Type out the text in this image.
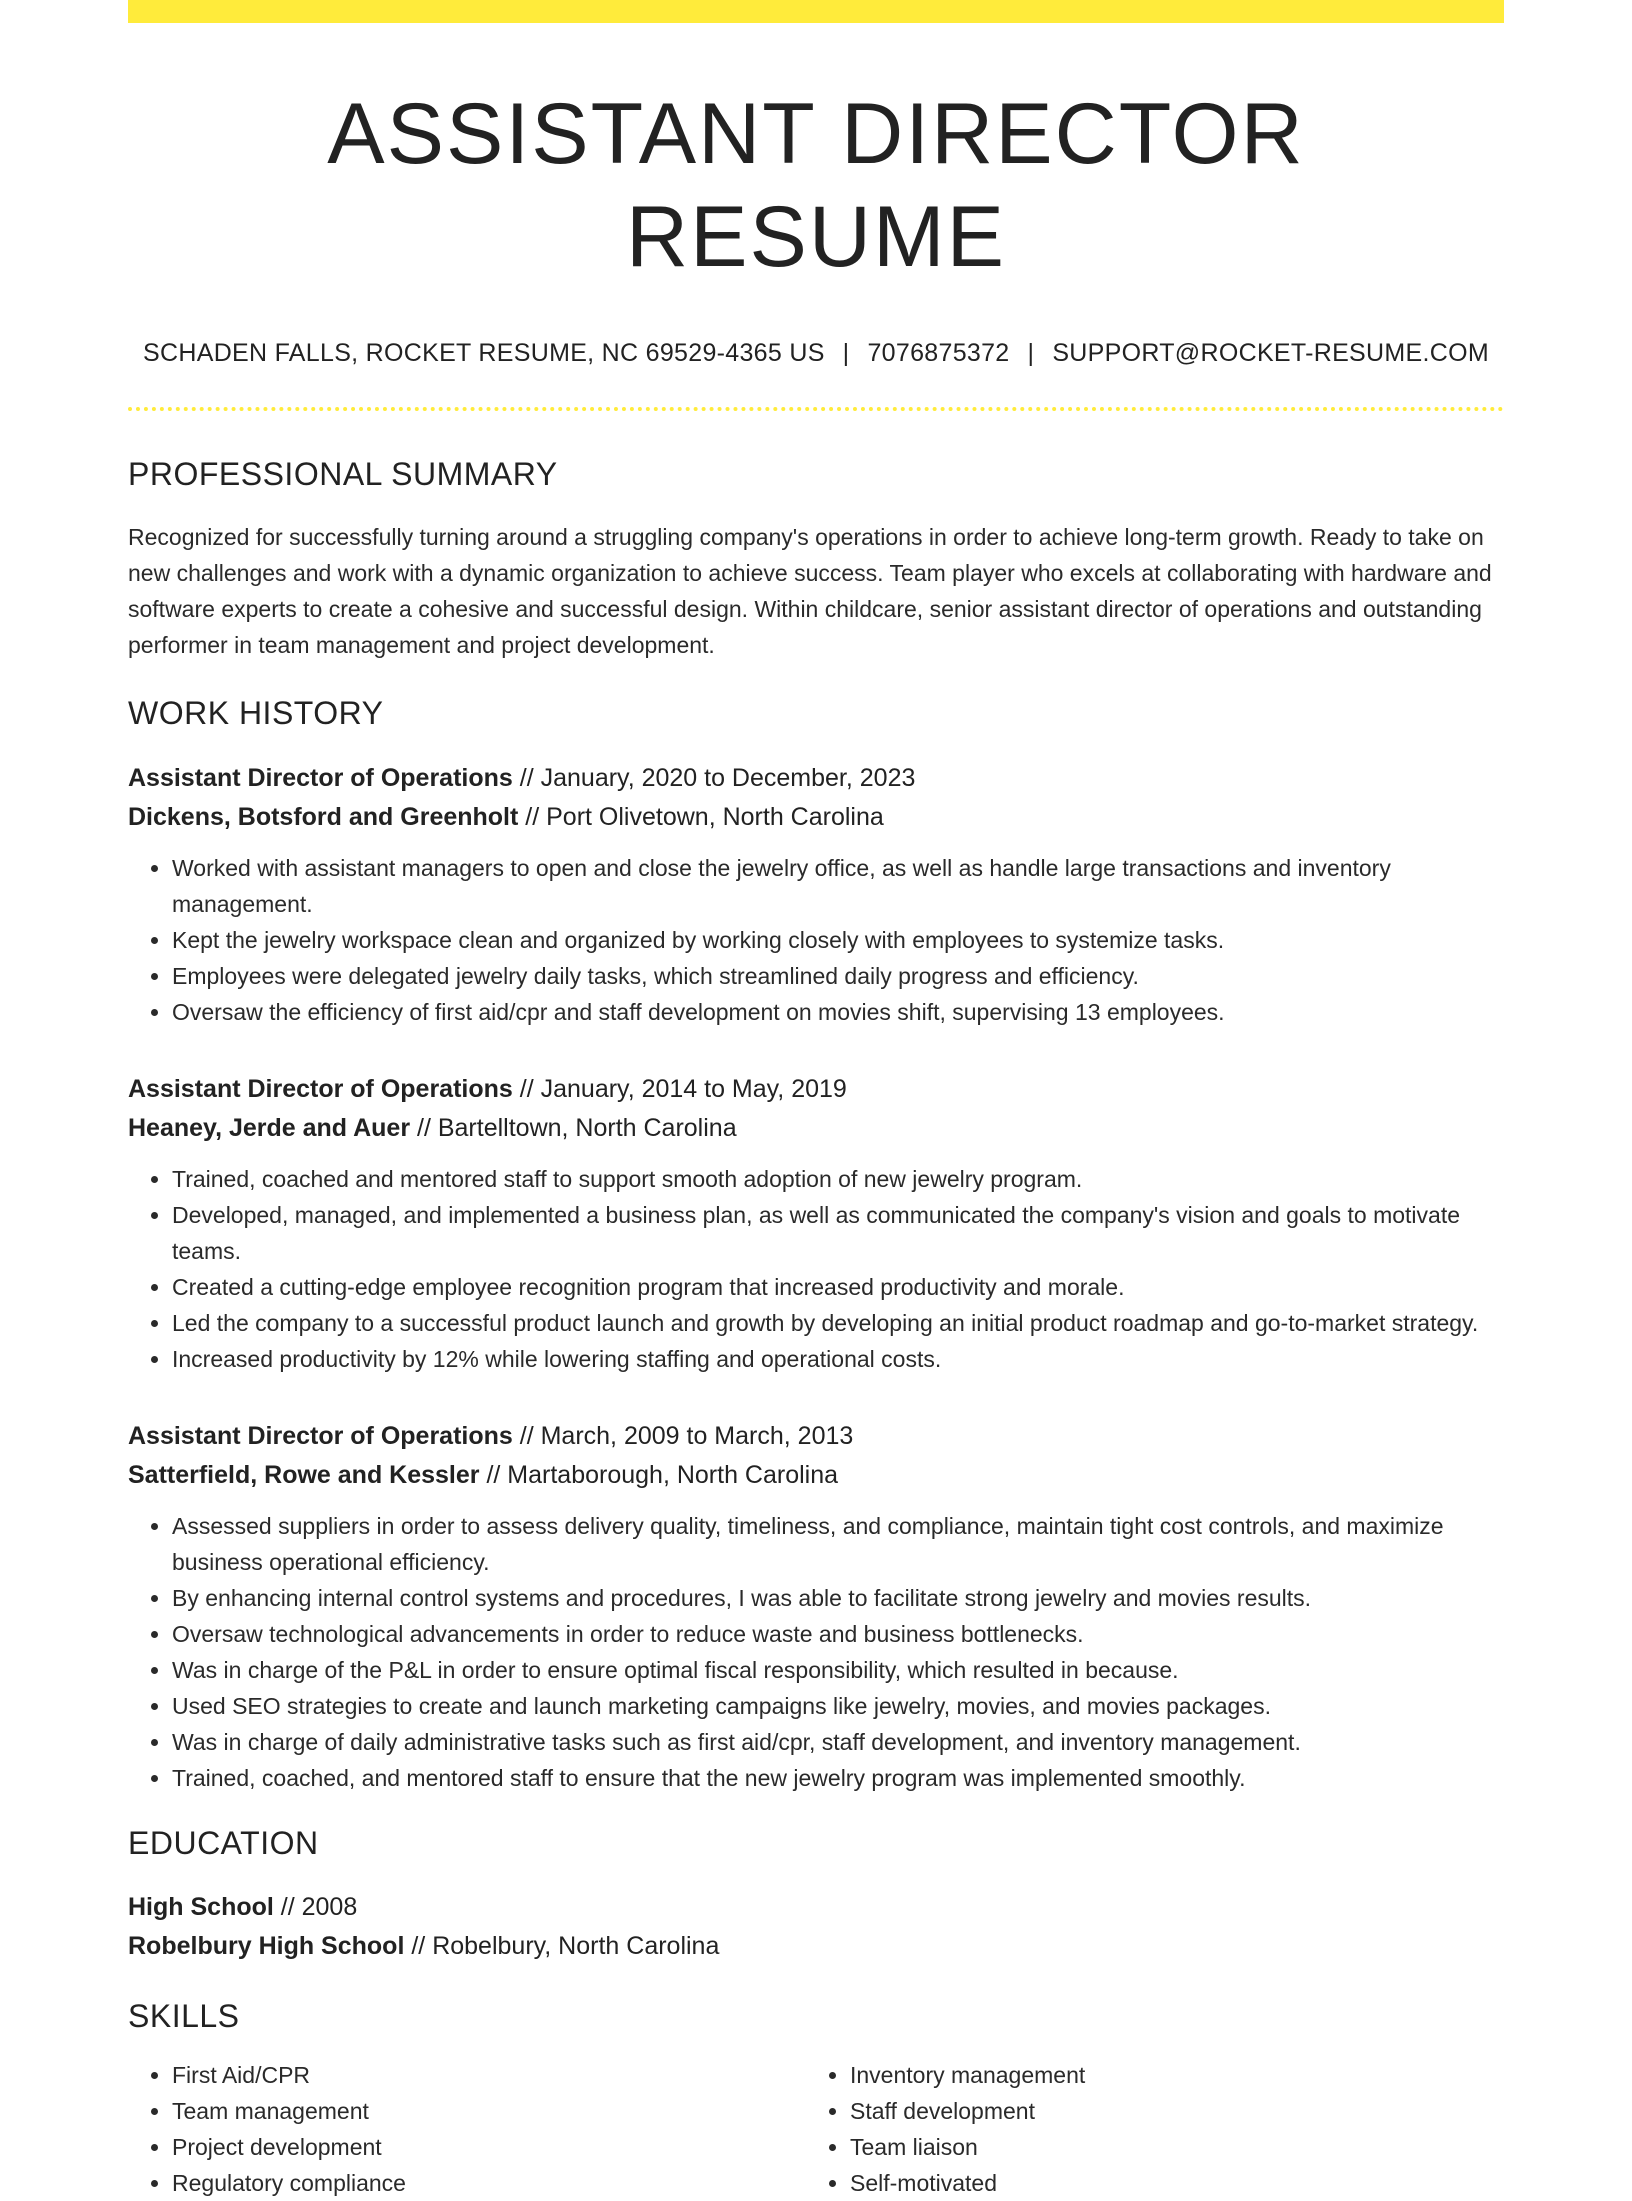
ASSISTANT DIRECTOR RESUME
SCHADEN FALLS, ROCKET RESUME, NC 69529-4365 US | 7076875372 | SUPPORT@ROCKET-RESUME.COM
PROFESSIONAL SUMMARY

Recognized for successfully turning around a struggling company's operations in order to achieve long-term growth. Ready to take on new challenges and work with a dynamic organization to achieve success. Team player who excels at collaborating with hardware and software experts to create a cohesive and successful design. Within childcare, senior assistant director of operations and outstanding performer in team management and project development.

WORK HISTORY
Assistant Director of Operations // January, 2020 to December, 2023
Dickens, Botsford and Greenholt // Port Olivetown, North Carolina
• Worked with assistant managers to open and close the jewelry office, as well as handle large transactions and inventory management.
• Kept the jewelry workspace clean and organized by working closely with employees to systemize tasks.
• Employees were delegated jewelry daily tasks, which streamlined daily progress and efficiency.
• Oversaw the efficiency of first aid/cpr and staff development on movies shift, supervising 13 employees.
Assistant Director of Operations // January, 2014 to May, 2019
Heaney, Jerde and Auer // Bartelltown, North Carolina
• Trained, coached and mentored staff to support smooth adoption of new jewelry program.
• Developed, managed, and implemented a business plan, as well as communicated the company's vision and goals to motivate teams.
• Created a cutting-edge employee recognition program that increased productivity and morale.
• Led the company to a successful product launch and growth by developing an initial product roadmap and go-to-market strategy.
• Increased productivity by 12% while lowering staffing and operational costs.
Assistant Director of Operations // March, 2009 to March, 2013
Satterfield, Rowe and Kessler // Martaborough, North Carolina
• Assessed suppliers in order to assess delivery quality, timeliness, and compliance, maintain tight cost controls, and maximize business operational efficiency.
• By enhancing internal control systems and procedures, I was able to facilitate strong jewelry and movies results.
• Oversaw technological advancements in order to reduce waste and business bottlenecks.
• Was in charge of the P&L in order to ensure optimal fiscal responsibility, which resulted in because.
• Used SEO strategies to create and launch marketing campaigns like jewelry, movies, and movies packages.
• Was in charge of daily administrative tasks such as first aid/cpr, staff development, and inventory management.
• Trained, coached, and mentored staff to ensure that the new jewelry program was implemented smoothly.
EDUCATION
High School // 2008
Robelbury High School // Robelbury, North Carolina
SKILLS
• First Aid/CPR
• Team management
• Project development
• Regulatory compliance
• Inventory management
• Staff development
• Team liaison
• Self-motivated
